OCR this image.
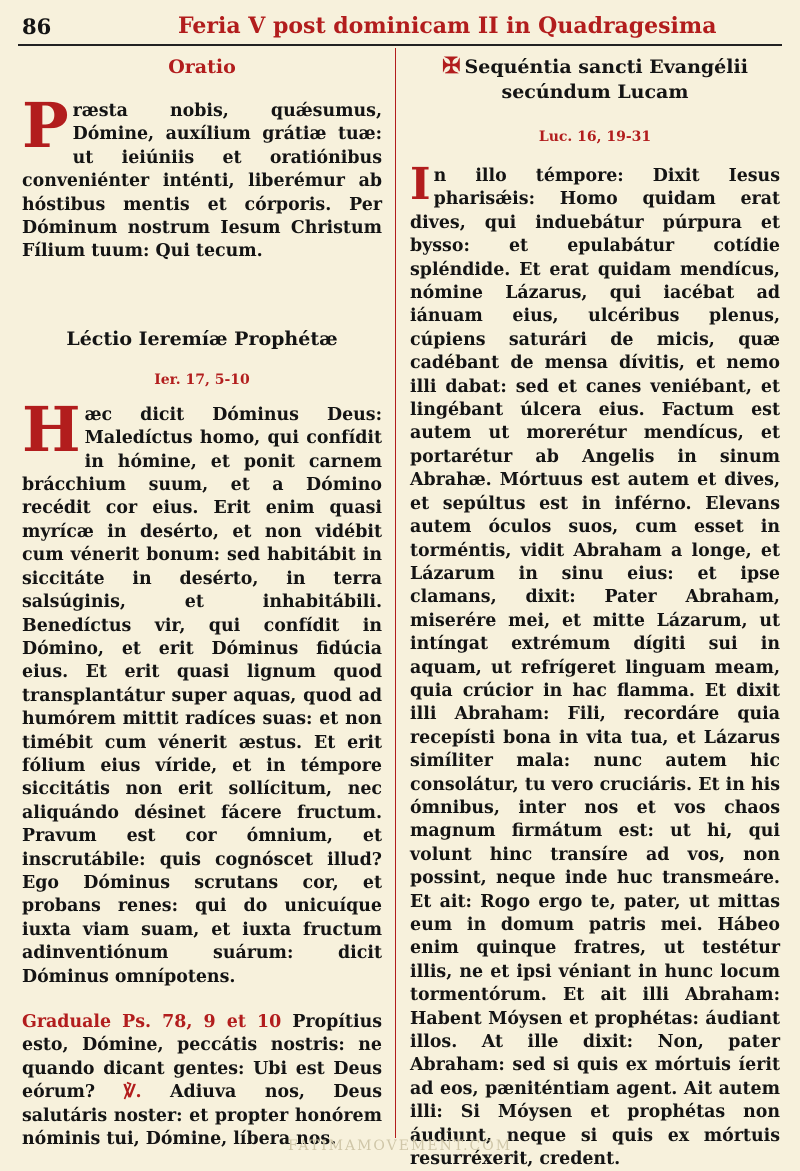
86	Feria V post dominicam II in Quadragesima
Oratio

Præsta nobis, quǽsumus, Dómine, auxílium grátiæ tuæ: ut ieiúniis et oratiónibus conveniénter inténti, liberémur ab hóstibus mentis et córporis. Per Dóminum nostrum Iesum Christum Fílium tuum: Qui tecum.

Léctio Ieremíæ Prophétæ
Ier. 17, 5-10

Hæc dicit Dóminus Deus: Maledíctus homo, qui confídit in hómine, et ponit carnem brácchium suum, et a Dómino recédit cor eius. Erit enim quasi myrícæ in desérto, et non vidébit cum vénerit bonum: sed habitábit in siccitáte in desérto, in terra salsúginis, et inhabitábili. Benedíctus vir, qui confídit in Dómino, et erit Dóminus fidúcia eius. Et erit quasi lignum quod transplantátur super aquas, quod ad humórem mittit radíces suas: et non timébit cum vénerit æstus. Et erit fólium eius víride, et in témpore siccitátis non erit sollícitum, nec aliquándo désinet fácere fructum. Pravum est cor ómnium, et inscrutábile: quis cognóscet illud? Ego Dóminus scrutans cor, et probans renes: qui do unicuíque iuxta viam suam, et iuxta fructum adinventiónum suárum: dicit Dóminus omnípotens.

Graduale Ps. 78, 9 et 10 Propítius esto, Dómine, peccátis nostris: ne quando dicant gentes: Ubi est Deus eórum? ℣. Adiuva nos, Deus salutáris noster: et propter honórem nóminis tui, Dómine, líbera nos.

✠ Sequéntia sancti Evangélii secúndum Lucam
Luc. 16, 19-31

In illo témpore: Dixit Iesus pharisǽis: Homo quidam erat dives, qui induebátur púrpura et bysso: et epulabátur cotídie spléndide. Et erat quidam mendícus, nómine Lázarus, qui iacébat ad iánuam eius, ulcéribus plenus, cúpiens saturári de micis, quæ cadébant de mensa dívitis, et nemo illi dabat: sed et canes veniébant, et lingébant úlcera eius. Factum est autem ut morerétur mendícus, et portarétur ab Angelis in sinum Abrahæ. Mórtuus est autem et dives, et sepúltus est in inférno. Elevans autem óculos suos, cum esset in torméntis, vidit Abraham a longe, et Lázarum in sinu eius: et ipse clamans, dixit: Pater Abraham, miserére mei, et mitte Lázarum, ut intíngat extrémum dígiti sui in aquam, ut refrígeret linguam meam, quia crúcior in hac flamma. Et dixit illi Abraham: Fili, recordáre quia recepísti bona in vita tua, et Lázarus simíliter mala: nunc autem hic consolátur, tu vero cruciáris. Et in his ómnibus, inter nos et vos chaos magnum firmátum est: ut hi, qui volunt hinc transíre ad vos, non possint, neque inde huc transmeáre. Et ait: Rogo ergo te, pater, ut mittas eum in domum patris mei. Hábeo enim quinque fratres, ut testétur illis, ne et ipsi véniant in hunc locum tormentórum. Et ait illi Abraham: Habent Móysen et prophétas: áudiant illos. At ille dixit: Non, pater Abraham: sed si quis ex mórtuis íerit ad eos, pæniténtiam agent. Ait autem illi: Si Móysen et prophétas non áudiunt, neque si quis ex mórtuis resurréxerit, credent.

FATIMAMOVEMENT.COM
